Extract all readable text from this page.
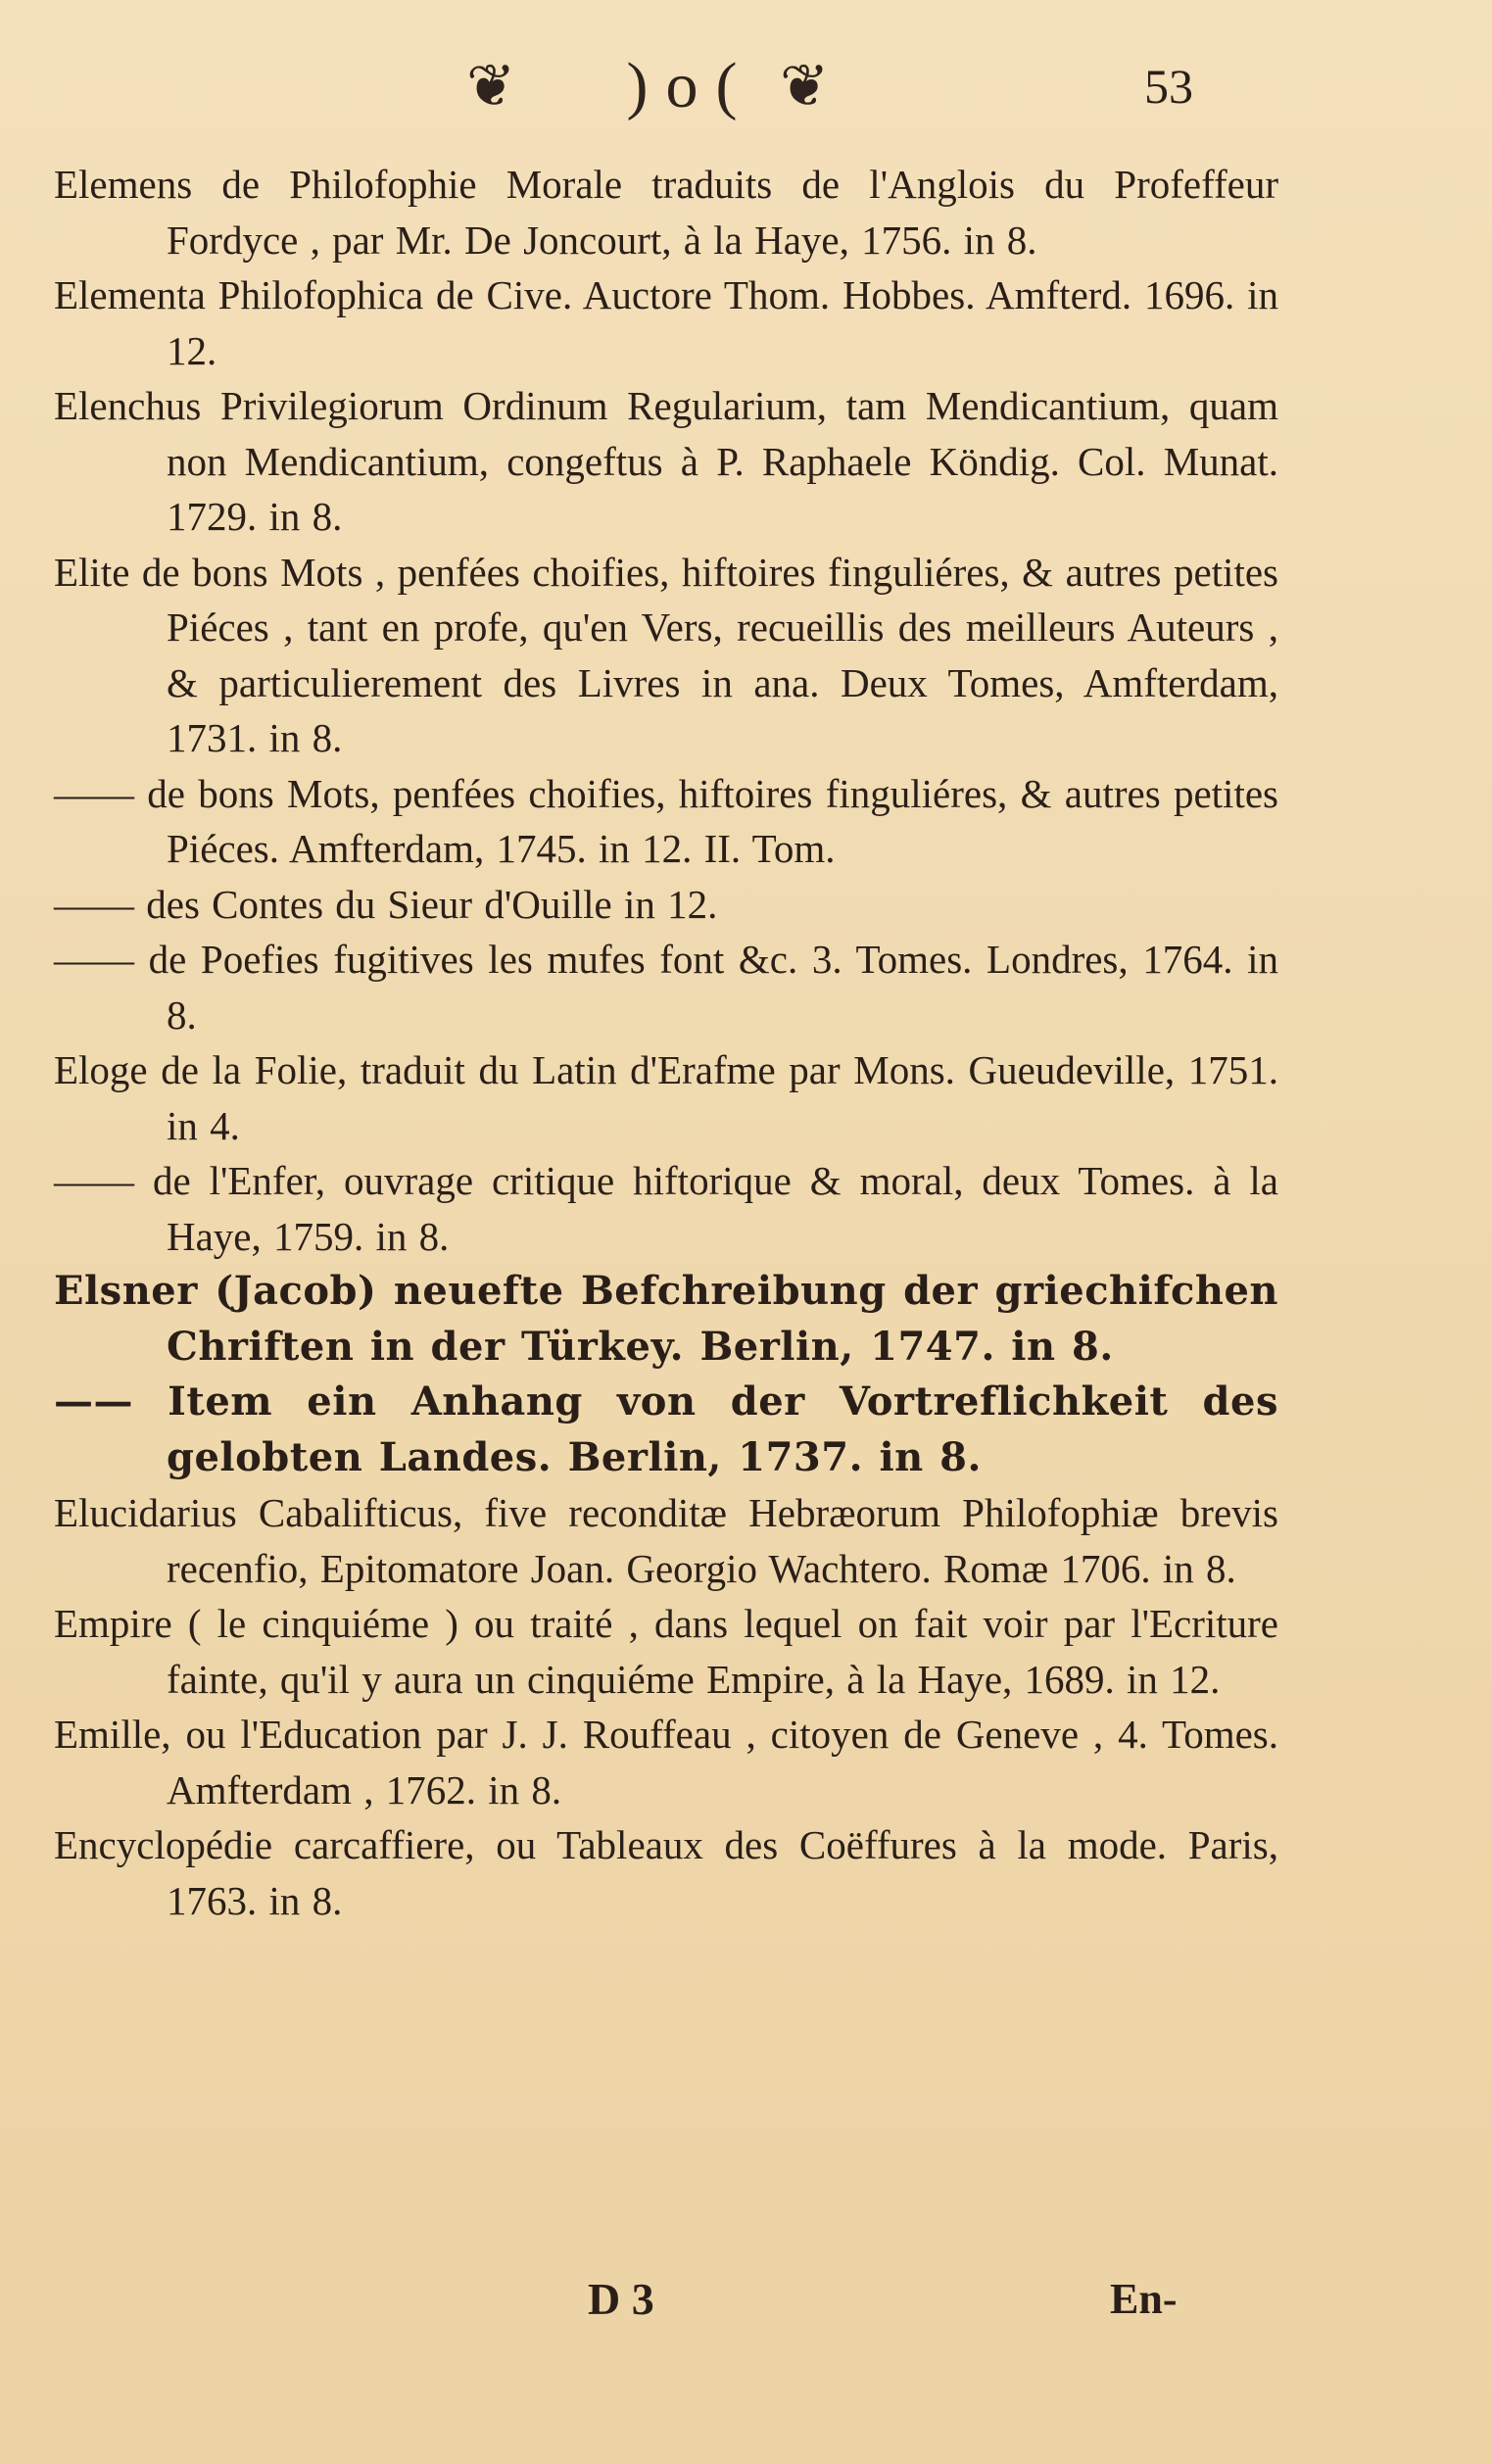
❦	)o( ❦	53
Elemens de Philofophie Morale traduits de l'Anglois du Profeffeur Fordyce , par Mr. De Joncourt, à la Haye, 1756. in 8.
Elementa Philofophica de Cive. Auctore Thom. Hobbes. Amfterd. 1696. in 12.
Elenchus Privilegiorum Ordinum Regularium, tam Mendicantium, quam non Mendicantium, congeftus à P. Raphaele Köndig. Col. Munat. 1729. in 8.
Elite de bons Mots , penfées choifies, hiftoires finguliéres, & autres petites Piéces , tant en profe, qu'en Vers, recueillis des meilleurs Auteurs , & particulierement des Livres in ana. Deux Tomes, Amfterdam, 1731. in 8.
—— de bons Mots, penfées choifies, hiftoires finguliéres, & autres petites Piéces. Amfterdam, 1745. in 12. II. Tom.
—— des Contes du Sieur d'Ouille in 12.
—— de Poefies fugitives les mufes font &c. 3. Tomes. Londres, 1764. in 8.
Eloge de la Folie, traduit du Latin d'Erafme par Mons. Gueudeville, 1751. in 4.
—— de l'Enfer, ouvrage critique hiftorique & moral, deux Tomes. à la Haye, 1759. in 8.
Elsner (Jacob) neuefte Befchreibung der griechifchen Chriften in der Türkey. Berlin, 1747. in 8.
—— Item ein Anhang von der Vortreflichkeit des gelobten Landes. Berlin, 1737. in 8.
Elucidarius Cabalifticus, five reconditæ Hebræorum Philofophiæ brevis recenfio, Epitomatore Joan. Georgio Wachtero. Romæ 1706. in 8.
Empire ( le cinquiéme ) ou traité , dans lequel on fait voir par l'Ecriture fainte, qu'il y aura un cinquiéme Empire, à la Haye, 1689. in 12.
Emille, ou l'Education par J. J. Rouffeau , citoyen de Geneve , 4. Tomes. Amfterdam , 1762. in 8.
Encyclopédie carcaffiere, ou Tableaux des Coëffures à la mode. Paris, 1763. in 8.
D 3	En-
